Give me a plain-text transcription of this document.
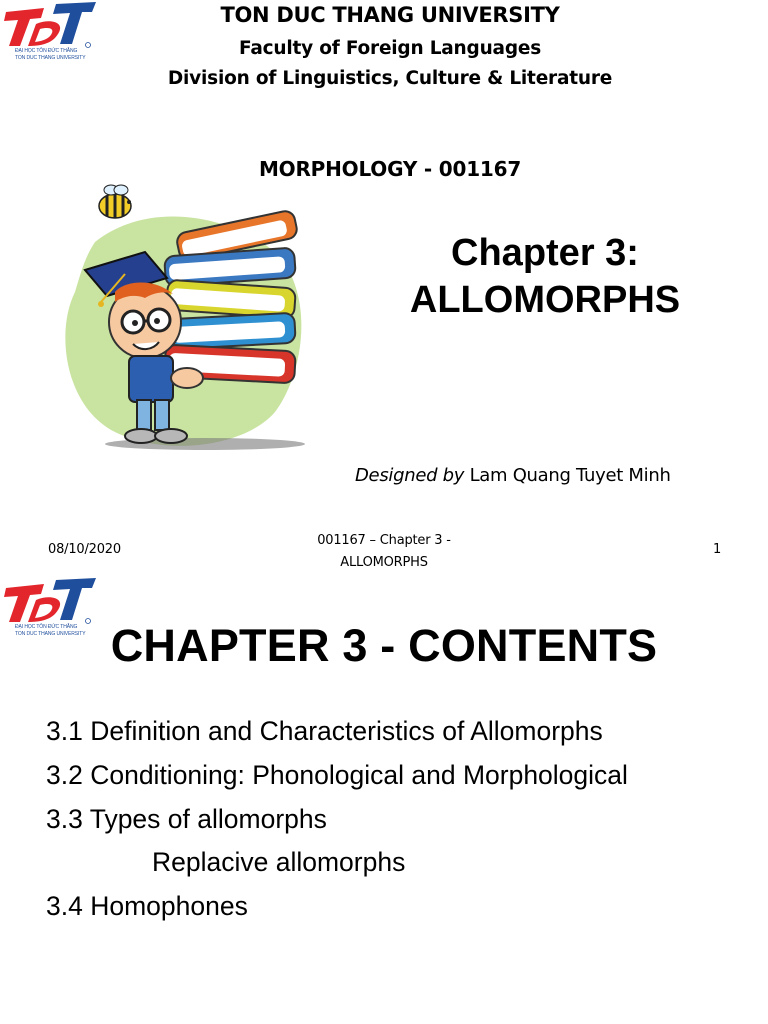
ĐẠI HỌC TÔN ĐỨC THẮNG
TON DUC THANG UNIVERSITY
TON DUC THANG UNIVERSITY
Faculty of Foreign Languages
Division of Linguistics, Culture & Literature
MORPHOLOGY - 001167
Chapter 3:
ALLOMORPHS
Designed by Lam Quang Tuyet Minh
08/10/2020
001167 – Chapter 3 -
ALLOMORPHS
1
ĐẠI HỌC TÔN ĐỨC THẮNG
TON DUC THANG UNIVERSITY CHAPTER 3 - CONTENTS
3.1 Definition and Characteristics of Allomorphs
3.2 Conditioning: Phonological and Morphological
3.3 Types of allomorphs
Replacive allomorphs
3.4 Homophones
